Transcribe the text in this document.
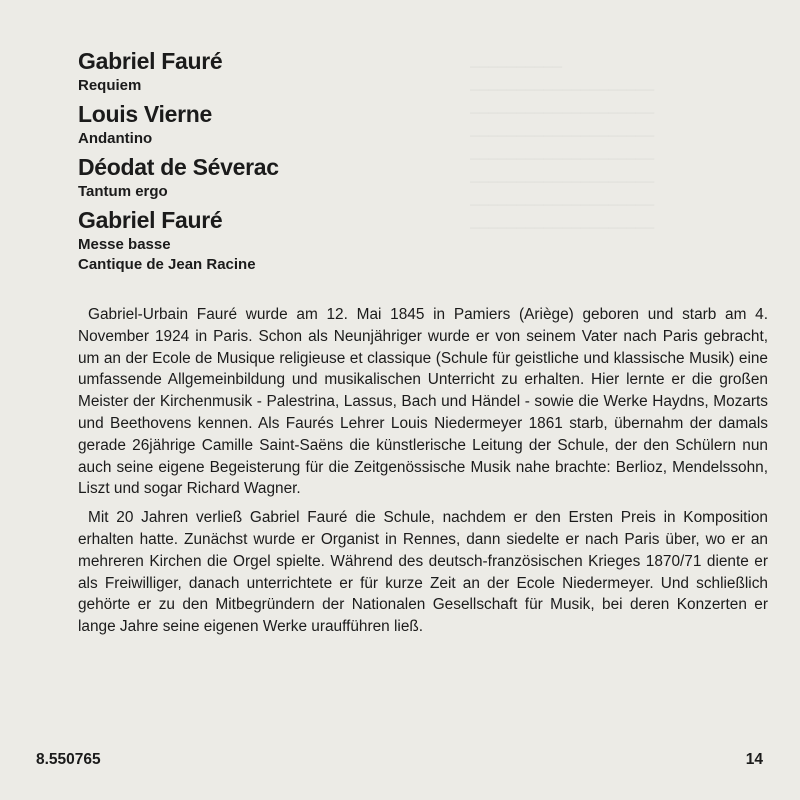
──────────
────────────────────
────────────────────
────────────────────
────────────────────
────────────────────
────────────────────
────────────────────
Gabriel Fauré
Requiem
Louis Vierne
Andantino
Déodat de Séverac
Tantum ergo
Gabriel Fauré
Messe basse
Cantique de Jean Racine

Gabriel-Urbain Fauré wurde am 12. Mai 1845 in Pamiers (Ariège) geboren und starb am 4. November 1924 in Paris. Schon als Neunjähriger wurde er von seinem Vater nach Paris gebracht, um an der Ecole de Musique religieuse et classique (Schule für geistliche und klassische Musik) eine umfassende Allgemeinbildung und musikalischen Unterricht zu erhalten. Hier lernte er die großen Meister der Kirchenmusik - Palestrina, Lassus, Bach und Händel - sowie die Werke Haydns, Mozarts und Beethovens kennen. Als Faurés Lehrer Louis Niedermeyer 1861 starb, übernahm der damals gerade 26jährige Camille Saint-Saëns die künstlerische Leitung der Schule, der den Schülern nun auch seine eigene Begeisterung für die Zeitgenössische Musik nahe brachte: Berlioz, Mendelssohn, Liszt und sogar Richard Wagner.

Mit 20 Jahren verließ Gabriel Fauré die Schule, nachdem er den Ersten Preis in Komposition erhalten hatte. Zunächst wurde er Organist in Rennes, dann siedelte er nach Paris über, wo er an mehreren Kirchen die Orgel spielte. Während des deutsch-französischen Krieges 1870/71 diente er als Freiwilliger, danach unterrichtete er für kurze Zeit an der Ecole Niedermeyer. Und schließlich gehörte er zu den Mitbegründern der Nationalen Gesellschaft für Musik, bei deren Konzerten er lange Jahre seine eigenen Werke uraufführen ließ.

8.550765	14
